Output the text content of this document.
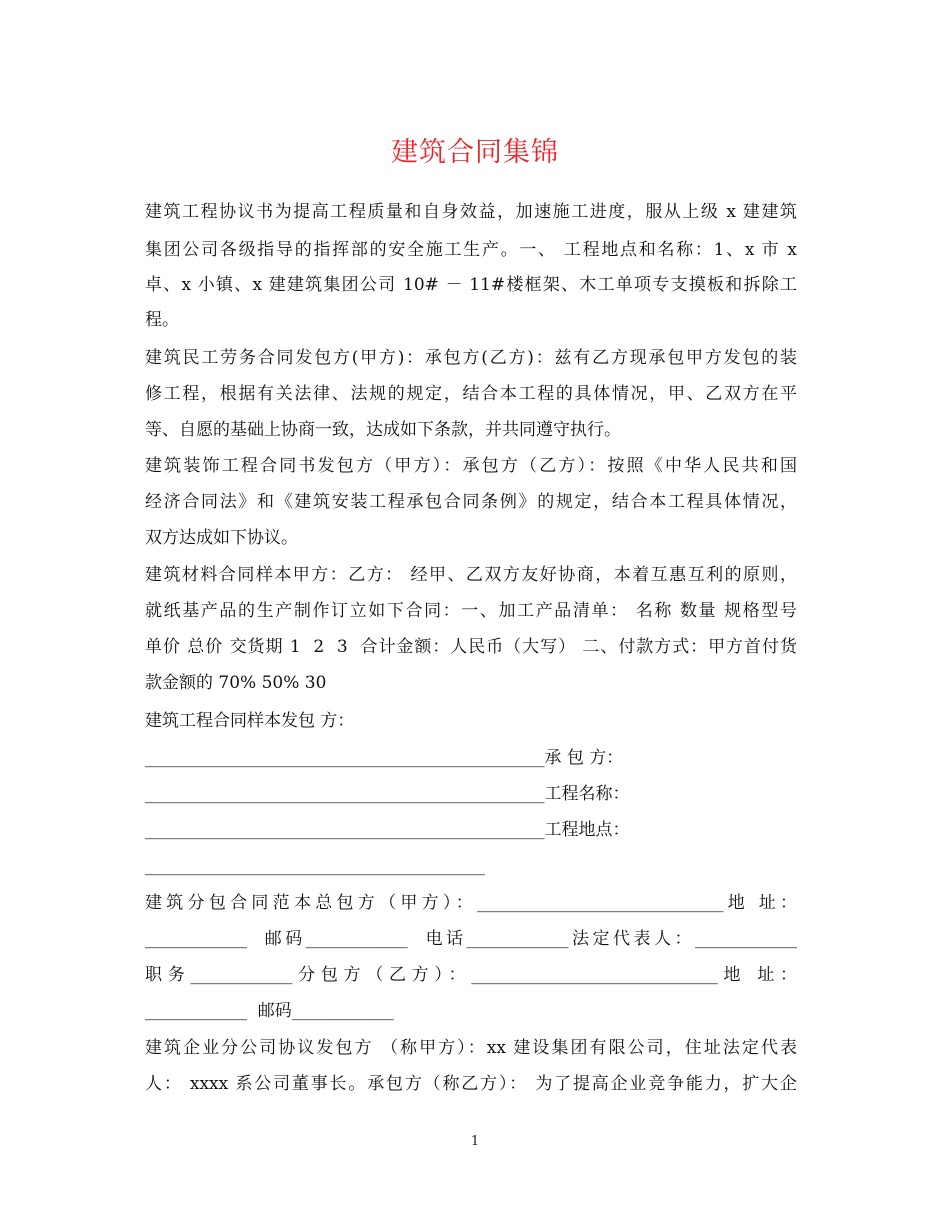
建筑合同集锦
建筑工程协议书为提高工程质量和自身效益，加速施工进度，服从上级 x 建建筑
集团公司各级指导的指挥部的安全施工生产。一、 工程地点和名称：1、x 市 x
卓、x 小镇、x 建建筑集团公司 10# － 11#楼框架、木工单项专支摸板和拆除工
程。
建筑民工劳务合同发包方(甲方)：承包方(乙方)：兹有乙方现承包甲方发包的装
修工程，根据有关法律、法规的规定，结合本工程的具体情况，甲、乙双方在平
等、自愿的基础上协商一致，达成如下条款，并共同遵守执行。
建筑装饰工程合同书发包方（甲方）：承包方（乙方）：按照《中华人民共和国
经济合同法》和《建筑安装工程承包合同条例》的规定，结合本工程具体情况，
双方达成如下协议。
建筑材料合同样本甲方：乙方： 经甲、乙双方友好协商，本着互惠互利的原则，
就纸基产品的生产制作订立如下合同：一、加工产品清单： 名称 数量 规格型号
单价 总价 交货期 1  2  3  合计金额：人民币（大写） 二、付款方式：甲方首付货
款金额的 70% 50% 30
建筑工程合同样本发包 方：
_______________________________________________承 包 方：
_______________________________________________工程名称：
_______________________________________________工程地点：
________________________________________
建筑分包合同范本总包方（甲方）：_____________________________地 址：
____________  邮码____________  电话____________法定代表人：____________
职务____________分包方（乙方）：_____________________________地 址：
____________  邮码____________
建筑企业分公司协议发包方 （称甲方）：xx 建设集团有限公司，住址法定代表
人： xxxx 系公司董事长。承包方（称乙方）： 为了提高企业竞争能力，扩大企
1
